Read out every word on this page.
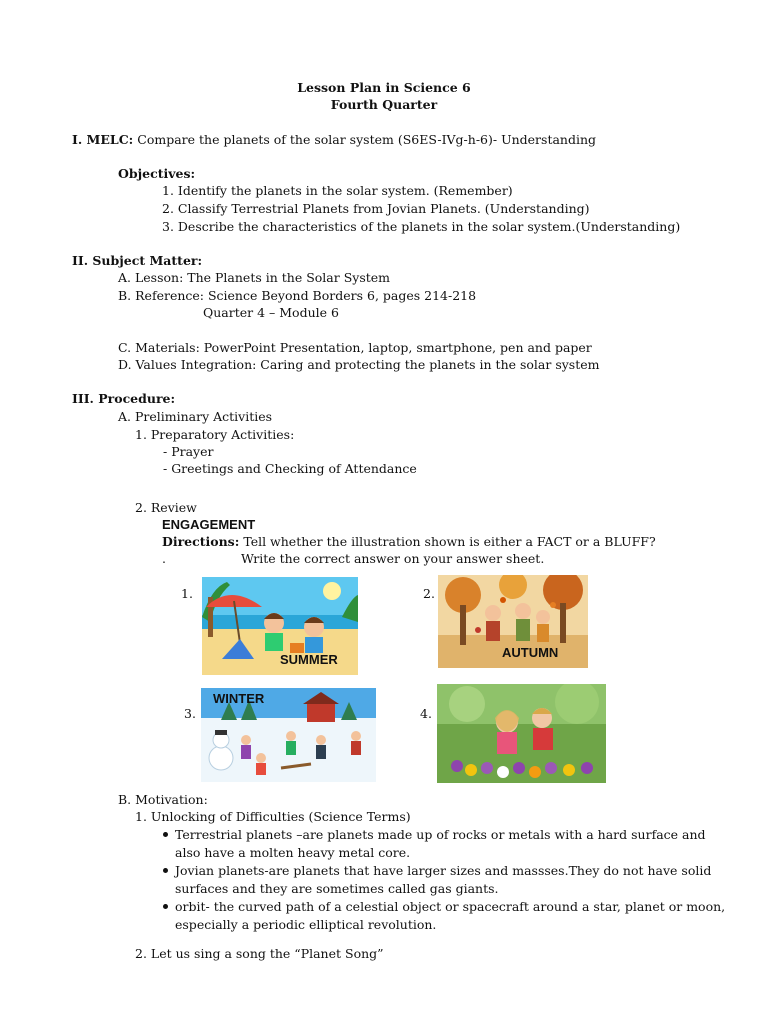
Lesson Plan in Science 6
Fourth Quarter
I. MELC: Compare the planets of the solar system (S6ES-IVg-h-6)- Understanding
Objectives:
1. Identify the planets in the solar system. (Remember)
2. Classify Terrestrial Planets from Jovian Planets. (Understanding)
3. Describe the characteristics of the planets in the solar system.(Understanding)
II. Subject Matter:
A. Lesson: The Planets in the Solar System
B. Reference: Science Beyond Borders 6, pages 214-218
Quarter 4 – Module 6
C. Materials: PowerPoint Presentation, laptop, smartphone, pen and paper
D. Values Integration: Caring and protecting the planets in the solar system
III. Procedure:
A. Preliminary Activities
1. Preparatory Activities:
- Prayer
- Greetings and Checking of Attendance
2. Review
ENGAGEMENT
Directions: Tell whether the illustration shown is either a FACT or a BLUFF?
.	Write the correct answer on your answer sheet.
1.	2.
3.	4.
SUMMER	AUTUMN
WINTER
B. Motivation:
1. Unlocking of Difficulties (Science Terms)
Terrestrial planets –are planets made up of rocks or metals with a hard surface and
also have a molten heavy metal core.
Jovian planets-are planets that have larger sizes and massses.They do not have solid
surfaces and they are sometimes called gas giants.
orbit- the curved path of a celestial object or spacecraft around a star, planet or moon,
especially a periodic elliptical revolution.
2. Let us sing a song the “Planet Song”
